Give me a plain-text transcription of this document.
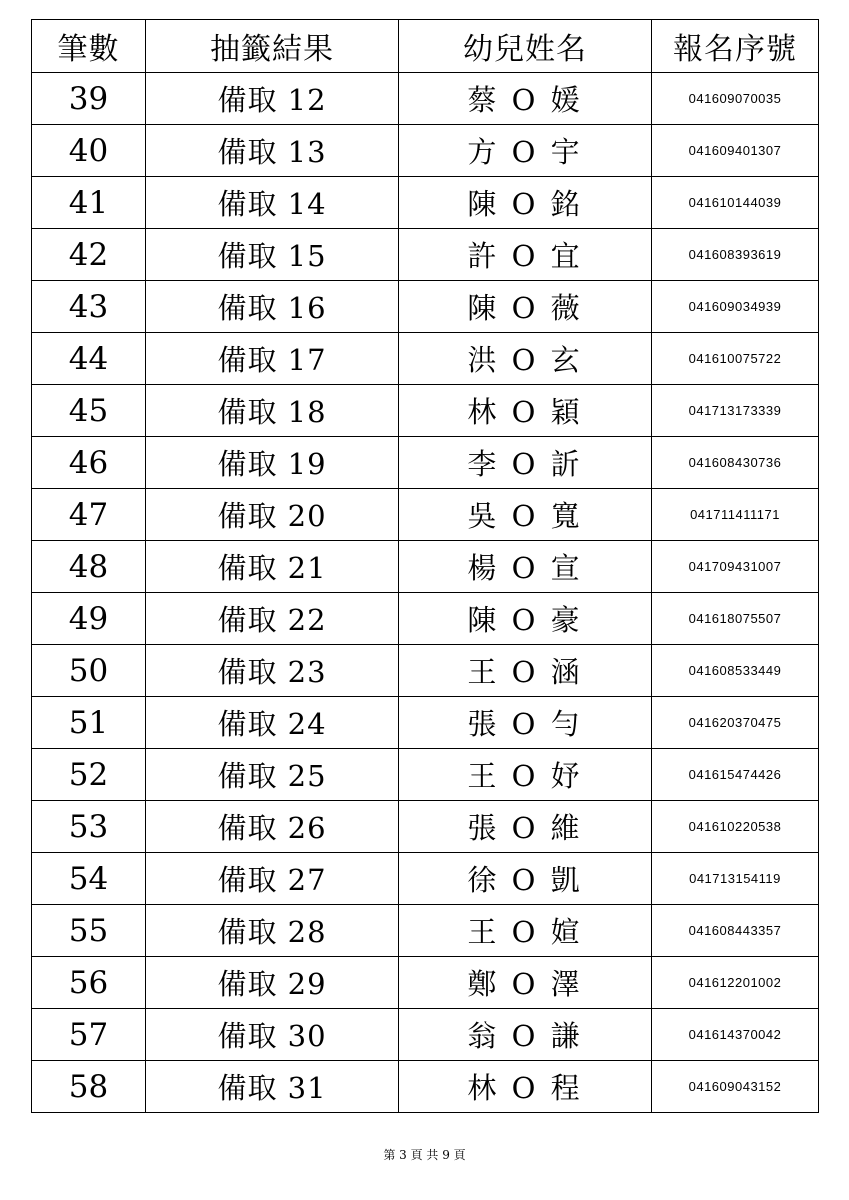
筆數	抽籤結果	幼兒姓名	報名序號
39	備取 12	蔡 O 媛	041609070035
40	備取 13	方 O 宇	041609401307
41	備取 14	陳 O 銘	041610144039
42	備取 15	許 O 宜	041608393619
43	備取 16	陳 O 薇	041609034939
44	備取 17	洪 O 玄	041610075722
45	備取 18	林 O 穎	041713173339
46	備取 19	李 O 訢	041608430736
47	備取 20	吳 O 寬	041711411171
48	備取 21	楊 O 宣	041709431007
49	備取 22	陳 O 豪	041618075507
50	備取 23	王 O 涵	041608533449
51	備取 24	張 O 勻	041620370475
52	備取 25	王 O 妤	041615474426
53	備取 26	張 O 維	041610220538
54	備取 27	徐 O 凱	041713154119
55	備取 28	王 O 媗	041608443357
56	備取 29	鄭 O 澤	041612201002
57	備取 30	翁 O 謙	041614370042
58	備取 31	林 O 程	041609043152
第 3 頁 共 9 頁
